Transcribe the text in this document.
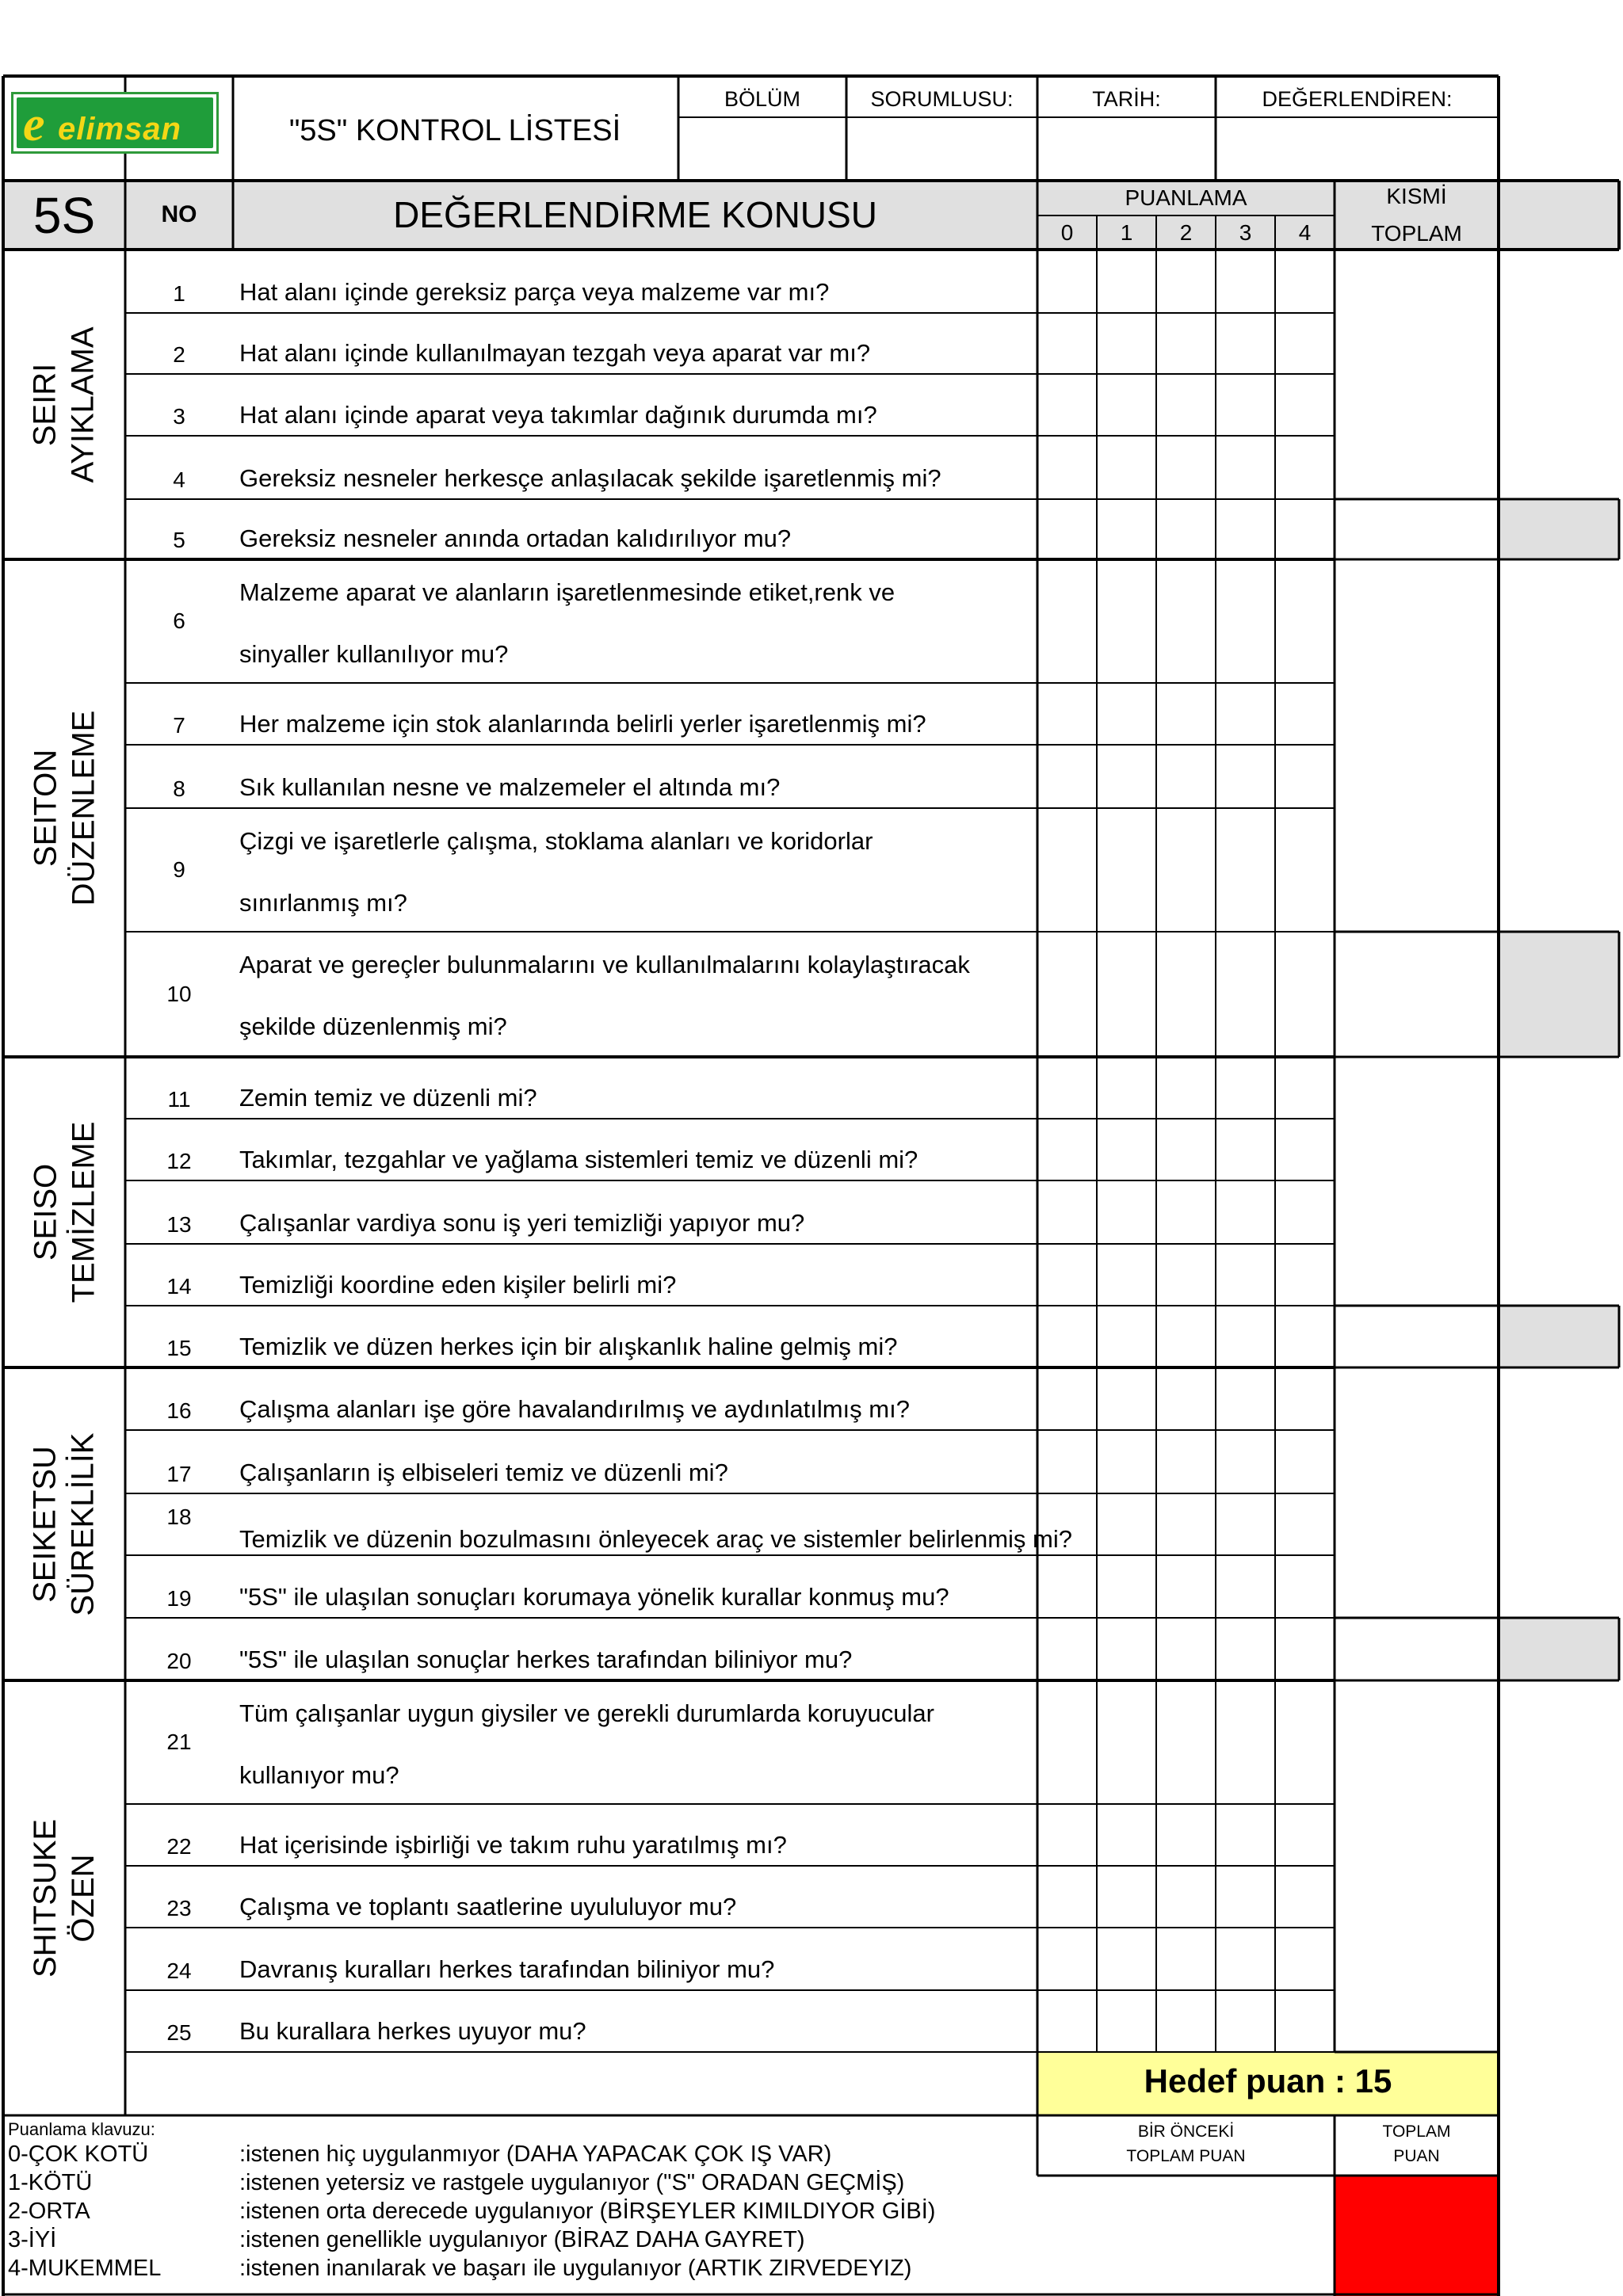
e elimsan	"5S" KONTROL LİSTESİ
BÖLÜM	SORUMLUSU:	TARİH:	DEĞERLENDİREN:
5S	NO	DEĞERLENDİRME KONUSU	PUANLAMA
0	1	2	3	4
KISMİ
TOPLAM
SEIRI AYIKLAMA
SEITON DÜZENLEME
SEISO TEMİZLEME
SEIKETSU SÜREKLİLİK
SHITSUKE ÖZEN
1	Hat alanı içinde gereksiz parça veya malzeme var mı?
2	Hat alanı içinde kullanılmayan tezgah veya aparat var mı?
3	Hat alanı içinde aparat veya takımlar dağınık durumda mı?
4	Gereksiz nesneler herkesçe anlaşılacak şekilde işaretlenmiş mi?
5	Gereksiz nesneler anında ortadan kalıdırılıyor mu?
6
Malzeme aparat ve alanların işaretlenmesinde etiket,renk ve
sinyaller kullanılıyor mu?
7	Her malzeme için stok alanlarında belirli yerler işaretlenmiş mi?
8	Sık kullanılan nesne ve malzemeler el altında mı?
9
Çizgi ve işaretlerle çalışma, stoklama alanları ve koridorlar
sınırlanmış mı?
10
Aparat ve gereçler bulunmalarını ve kullanılmalarını kolaylaştıracak
şekilde düzenlenmiş mi?
11	Zemin temiz ve düzenli mi?
12	Takımlar, tezgahlar ve yağlama sistemleri temiz ve düzenli mi?
13	Çalışanlar vardiya sonu iş yeri temizliği yapıyor mu?
14	Temizliği koordine eden kişiler belirli mi?
15	Temizlik ve düzen herkes için bir alışkanlık haline gelmiş mi?
16	Çalışma alanları işe göre havalandırılmış ve aydınlatılmış mı?
17	Çalışanların iş elbiseleri temiz ve düzenli mi?
18
Temizlik ve düzenin bozulmasını önleyecek araç ve sistemler belirlenmiş mi?
19	"5S" ile ulaşılan sonuçları korumaya yönelik kurallar konmuş mu?
20	"5S" ile ulaşılan sonuçlar herkes tarafından biliniyor mu?
21
Tüm çalışanlar uygun giysiler ve gerekli durumlarda koruyucular
kullanıyor mu?
22	Hat içerisinde işbirliği ve takım ruhu yaratılmış mı?
23	Çalışma ve toplantı saatlerine uyululuyor mu?
24	Davranış kuralları herkes tarafından biliniyor mu?
25	Bu kurallara herkes uyuyor mu?
Hedef puan : 15
Puanlama klavuzu:	BİR ÖNCEKİ
TOPLAM PUAN
TOPLAM
PUAN
0-ÇOK KOTÜ	:istenen hiç uygulanmıyor (DAHA YAPACAK ÇOK IŞ VAR)
1-KÖTÜ	:istenen yetersiz ve rastgele uygulanıyor ("S" ORADAN GEÇMİŞ)
2-ORTA	:istenen orta derecede uygulanıyor (BİRŞEYLER KIMILDIYOR GİBİ)
3-İYİ	:istenen genellikle uygulanıyor (BİRAZ DAHA GAYRET)
4-MUKEMMEL	:istenen inanılarak ve başarı ile uygulanıyor (ARTIK ZIRVEDEYIZ)
